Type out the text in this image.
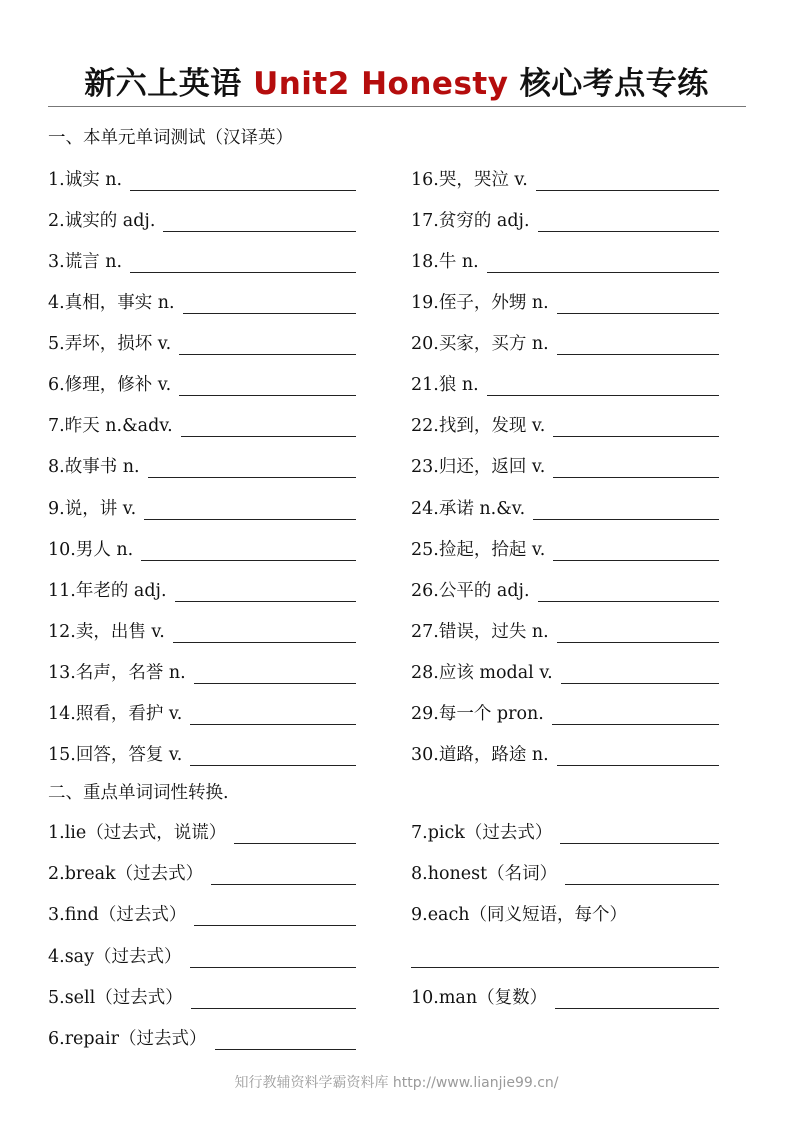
新六上英语 Unit2 Honesty 核心考点专练
一、本单元单词测试（汉译英）
1.诚实 n.
2.诚实的 adj.
3.谎言 n.
4.真相，事实 n.
5.弄坏，损坏 v.
6.修理，修补 v.
7.昨天 n.&adv.
8.故事书 n.
9.说，讲 v.
10.男人 n.
11.年老的 adj.
12.卖，出售 v.
13.名声，名誉 n.
14.照看，看护 v.
15.回答，答复 v.
16.哭，哭泣 v.
17.贫穷的 adj.
18.牛 n.
19.侄子，外甥 n.
20.买家，买方 n.
21.狼 n.
22.找到，发现 v.
23.归还，返回 v.
24.承诺 n.&v.
25.捡起，拾起 v.
26.公平的 adj.
27.错误，过失 n.
28.应该 modal v.
29.每一个 pron.
30.道路，路途 n.
二、重点单词词性转换.
1.lie（过去式，说谎）
2.break（过去式）
3.find（过去式）
4.say（过去式）
5.sell（过去式）
6.repair（过去式）
7.pick（过去式）
8.honest（名词）
9.each（同义短语，每个）
10.man（复数）
知行教辅资料学霸资料库 http://www.lianjie99.cn/
